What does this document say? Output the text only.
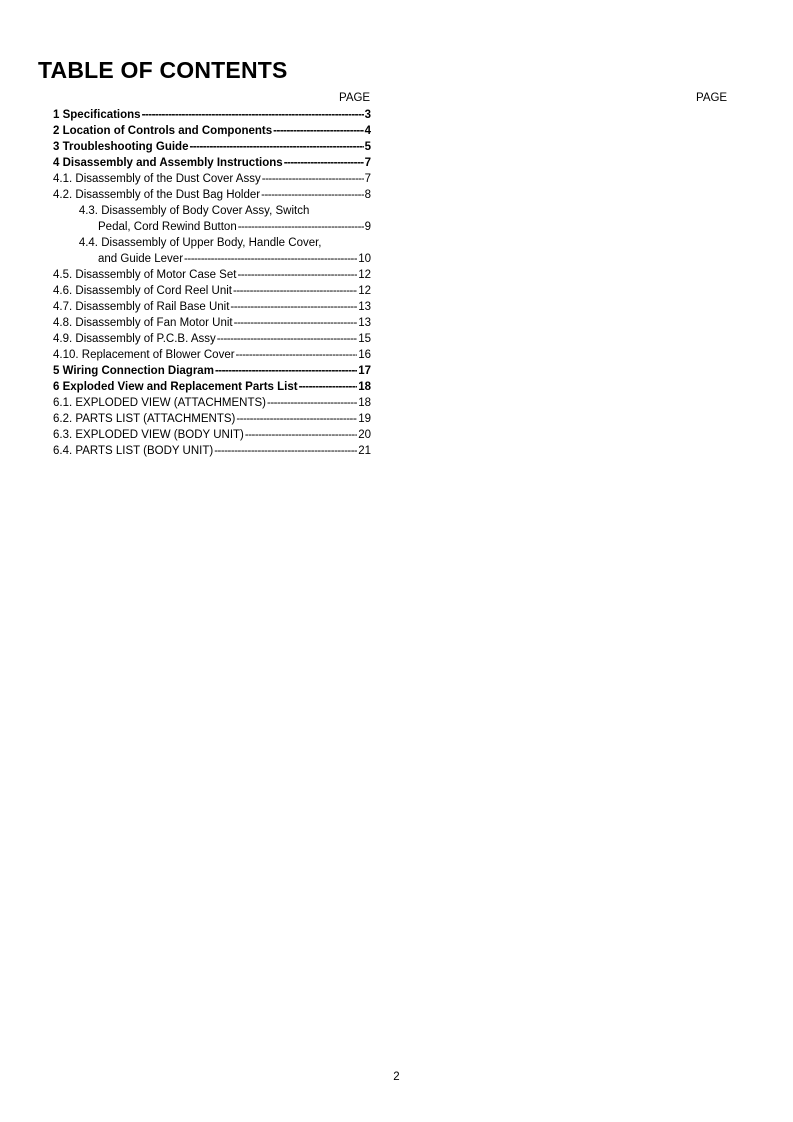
TABLE OF CONTENTS
PAGE	PAGE
1 Specifications -----	3
2 Location of Controls and Components -----	4
3 Troubleshooting Guide -----	5
4 Disassembly and Assembly Instructions -----	7
4.1. Disassembly of the Dust Cover Assy -----	7
4.2. Disassembly of the Dust Bag Holder -----	8
4.3.
Disassembly of Body Cover Assy, Switch
Pedal, Cord Rewind Button -----	9
4.4. Disassembly of Upper Body, Handle Cover,
and Guide Lever -----	10
4.5. Disassembly of Motor Case Set -----	12
4.6. Disassembly of Cord Reel Unit -----	12
4.7. Disassembly of Rail Base Unit -----	13
4.8. Disassembly of Fan Motor Unit -----	13
4.9. Disassembly of P.C.B. Assy -----	15
4.10. Replacement of Blower Cover -----	16
5 Wiring Connection Diagram -----	17
6 Exploded View and Replacement Parts List -----	18
6.1. EXPLODED VIEW (ATTACHMENTS) -----	18
6.2. PARTS LIST (ATTACHMENTS) -----	19
6.3. EXPLODED VIEW (BODY UNIT) -----	20
6.4. PARTS LIST (BODY UNIT) -----	21
2
